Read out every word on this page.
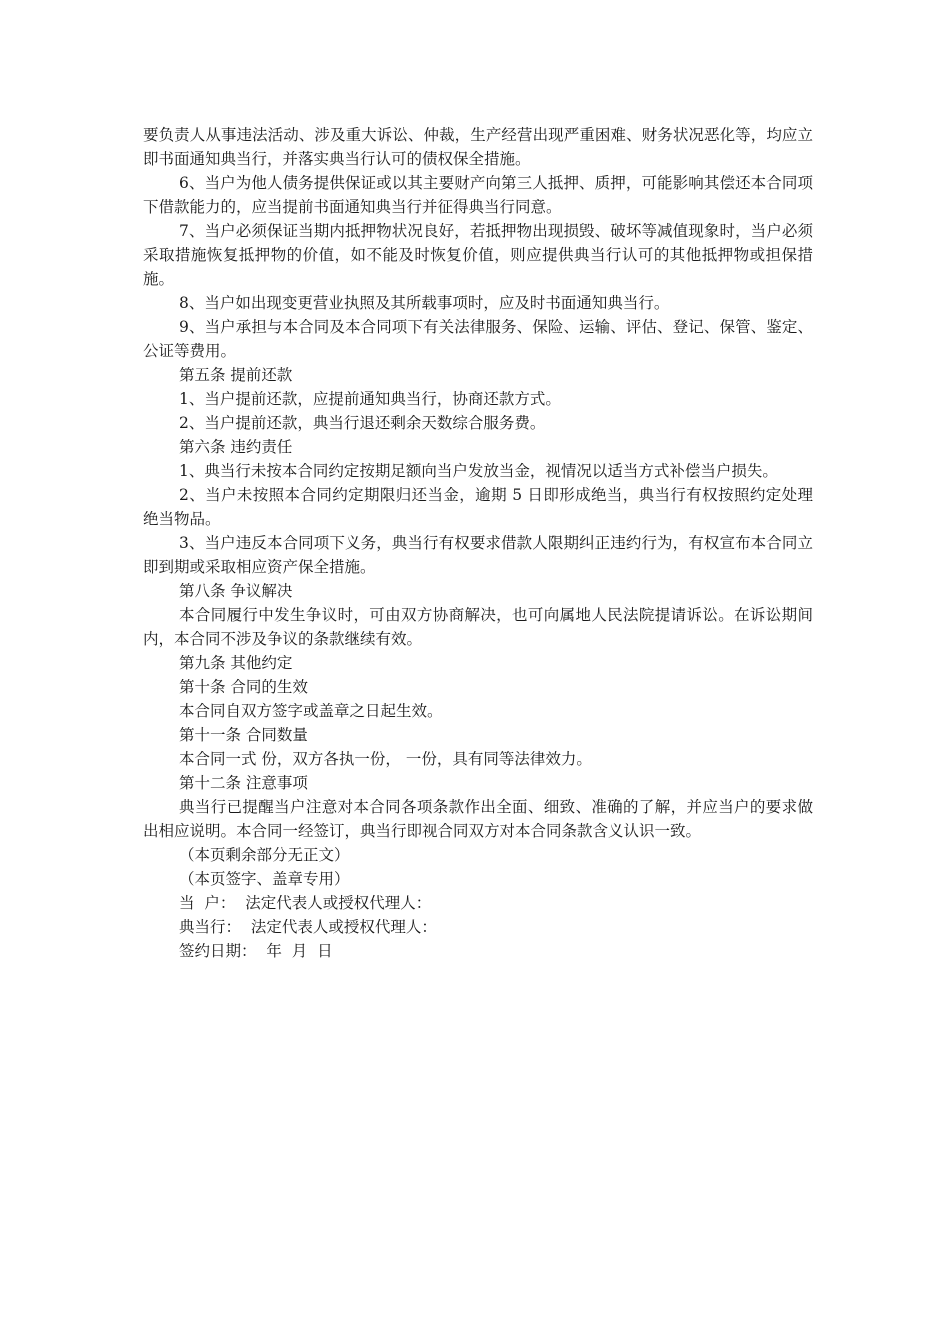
要负责人从事违法活动、涉及重大诉讼、仲裁，生产经营出现严重困难、财务状况恶化等，均应立即书面通知典当行，并落实典当行认可的债权保全措施。

6、当户为他人债务提供保证或以其主要财产向第三人抵押、质押，可能影响其偿还本合同项下借款能力的，应当提前书面通知典当行并征得典当行同意。

7、当户必须保证当期内抵押物状况良好，若抵押物出现损毁、破坏等减值现象时，当户必须采取措施恢复抵押物的价值，如不能及时恢复价值，则应提供典当行认可的其他抵押物或担保措施。

8、当户如出现变更营业执照及其所载事项时，应及时书面通知典当行。

9、当户承担与本合同及本合同项下有关法律服务、保险、运输、评估、登记、保管、鉴定、公证等费用。

第五条 提前还款

1、当户提前还款，应提前通知典当行，协商还款方式。

2、当户提前还款，典当行退还剩余天数综合服务费。

第六条 违约责任

1、典当行未按本合同约定按期足额向当户发放当金，视情况以适当方式补偿当户损失。

2、当户未按照本合同约定期限归还当金，逾期 5 日即形成绝当，典当行有权按照约定处理绝当物品。

3、当户违反本合同项下义务，典当行有权要求借款人限期纠正违约行为，有权宣布本合同立即到期或采取相应资产保全措施。

第八条 争议解决

本合同履行中发生争议时，可由双方协商解决，也可向属地人民法院提请诉讼。在诉讼期间内，本合同不涉及争议的条款继续有效。

第九条 其他约定

第十条 合同的生效

本合同自双方签字或盖章之日起生效。

第十一条 合同数量

本合同一式 份，双方各执一份， 一份，具有同等法律效力。

第十二条 注意事项

典当行已提醒当户注意对本合同各项条款作出全面、细致、准确的了解，并应当户的要求做出相应说明。本合同一经签订，典当行即视合同双方对本合同条款含义认识一致。

（本页剩余部分无正文）

（本页签字、盖章专用）

当  户： 法定代表人或授权代理人：

典当行： 法定代表人或授权代理人：

签约日期： 年  月  日
